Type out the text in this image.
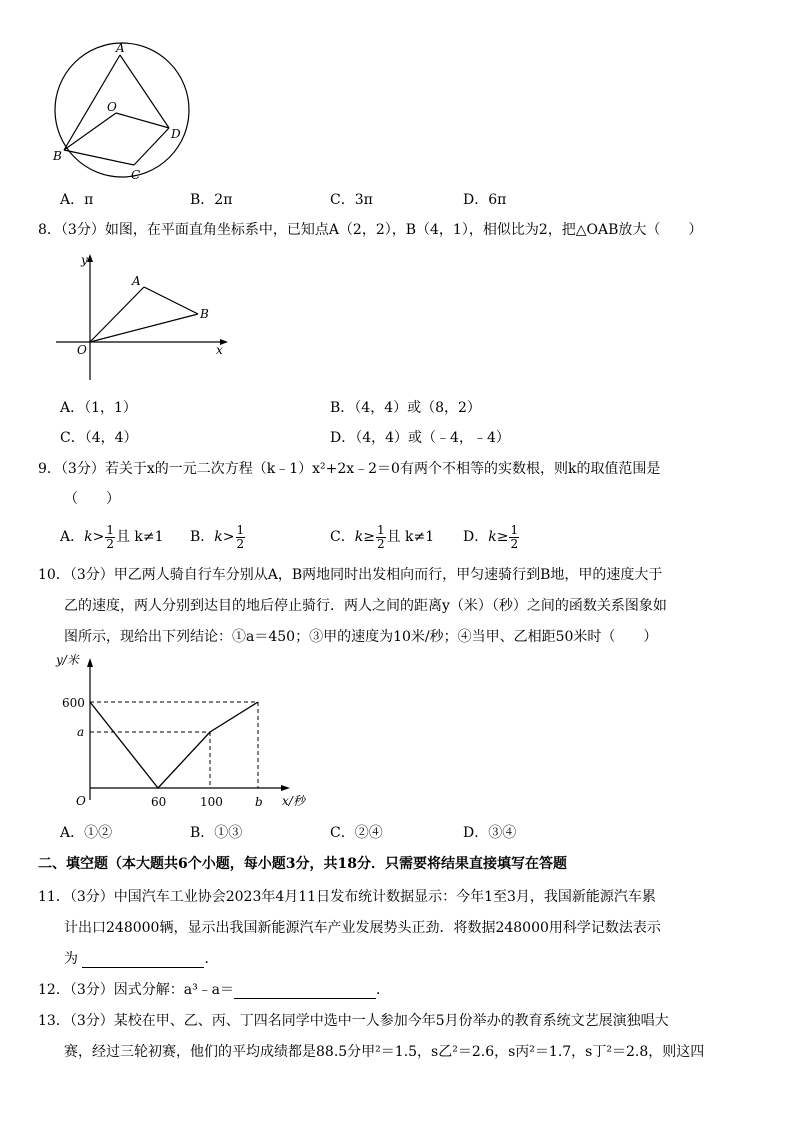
A
O
D
B
C
A．π	B．2π	C．3π	D．6π
8．（3分）如图，在平面直角坐标系中，已知点A（2，2），B（4，1），相似比为2，把△OAB放大（　　）
y
x
O
A
B
A．（1，1）	B．（4，4）或（8，2）
C．（4，4）	D．（4，4）或（﹣4，﹣4）
9．（3分）若关于x的一元二次方程（k﹣1）x²+2x﹣2＝0有两个不相等的实数根，则k的取值范围是
（　　）
A．$k> \frac{1}{2}$ 且 k≠1 B．$k> \frac{1}{2}$	C．$k\ge \frac{1}{2}$ 且 k≠1 D．$k\ge \frac{1}{2}$
10．（3分）甲乙两人骑自行车分别从A，B两地同时出发相向而行，甲匀速骑行到B地，甲的速度大于
乙的速度，两人分别到达目的地后停止骑行．两人之间的距离y（米）（秒）之间的函数关系图象如
图所示，现给出下列结论：①a＝450；③甲的速度为10米/秒；④当甲、乙相距50米时（　　）
y/米
600
a
O	60	100	b x/秒
A．①②	B．①③	C．②④	D．③④
二、填空题（本大题共6个小题，每小题3分，共18分．只需要将结果直接填写在答题
11．（3分）中国汽车工业协会2023年4月11日发布统计数据显示：今年1至3月，我国新能源汽车累
计出口248000辆，显示出我国新能源汽车产业发展势头正劲．将数据248000用科学记数法表示
为	．
12．（3分）因式分解：a³﹣a＝	．
13．（3分）某校在甲、乙、丙、丁四名同学中选中一人参加今年5月份举办的教育系统文艺展演独唱大
赛，经过三轮初赛，他们的平均成绩都是88.5分甲²＝1.5，s乙²＝2.6，s丙²＝1.7，s丁²＝2.8，则这四
